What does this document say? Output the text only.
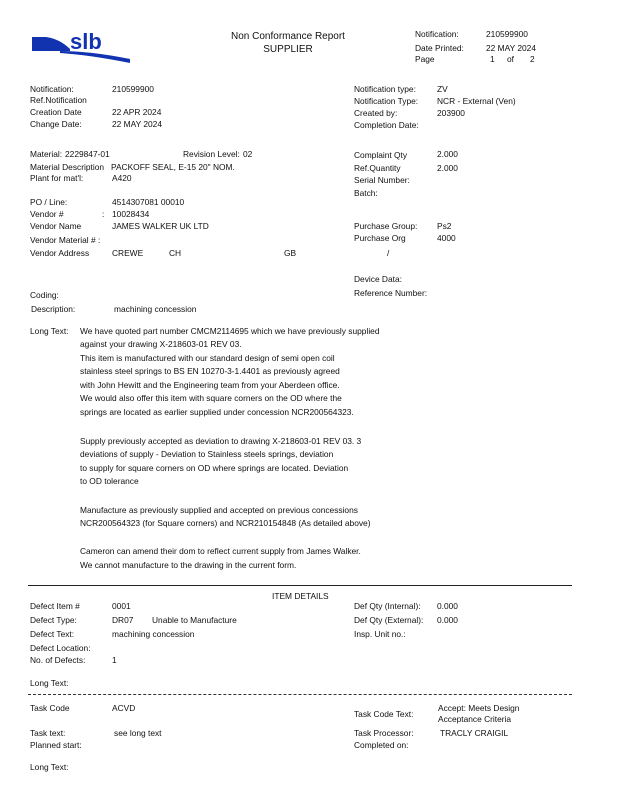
slb	Non Conformance Report
SUPPLIER
Notification:	210599900
Date Printed:	22 MAY 2024
Page	1 of 2
Notification:	210599900
Ref.Notification
Creation Date	22 APR 2024
Change Date:	22 MAY 2024
Notification type:	ZV
Notification Type: NCR - External (Ven)
Created by:	203900
Completion Date:
Material: 2229847-01	Revision Level: 02
Material Description PACKOFF SEAL, E-15 20" NOM.
Plant for mat'l:	A420
Complaint Qty	2.000
Ref.Quantity	2.000
Serial Number:
Batch:
PO / Line:	4514307081 00010
Vendor #	: 10028434
Vendor Name	JAMES WALKER UK LTD
Vendor Material # :
Vendor Address	CREWE	CH	GB	/
Purchase Group: Ps2
Purchase Org	4000
Device Data:
Reference Number:
Coding:
Description:	machining concession
Long Text: We have quoted part number CMCM2114695 which we have previously supplied
against your drawing X-218603-01 REV 03.
This item is manufactured with our standard design of semi open coil
stainless steel springs to BS EN 10270-3-1.4401 as previously agreed
with John Hewitt and the Engineering team from your Aberdeen office.
We would also offer this item with square corners on the OD where the
springs are located as earlier supplied under concession NCR200564323.
Supply previously accepted as deviation to drawing X-218603-01 REV 03. 3
deviations of supply - Deviation to Stainless steels springs, deviation
to supply for square corners on OD where springs are located. Deviation
to OD tolerance
Manufacture as previously supplied and accepted on previous concessions
NCR200564323 (for Square corners) and NCR210154848 (As detailed above)
Cameron can amend their dom to reflect current supply from James Walker.
We cannot manufacture to the drawing in the current form.
ITEM DETAILS
Defect Item #	0001
Defect Type:	DR07 Unable to Manufacture
Defect Text:	machining concession
Defect Location:
No. of Defects:	1
Def Qty (Internal): 0.000
Def Qty (External): 0.000
Insp. Unit no.:
Long Text:
Task Code	ACVD
Task Code Text:
Accept: Meets Design
Acceptance Criteria
Task text:	see long text	Task Processor:	TRACLY CRAIGIL
Planned start:	Completed on:
Long Text:
